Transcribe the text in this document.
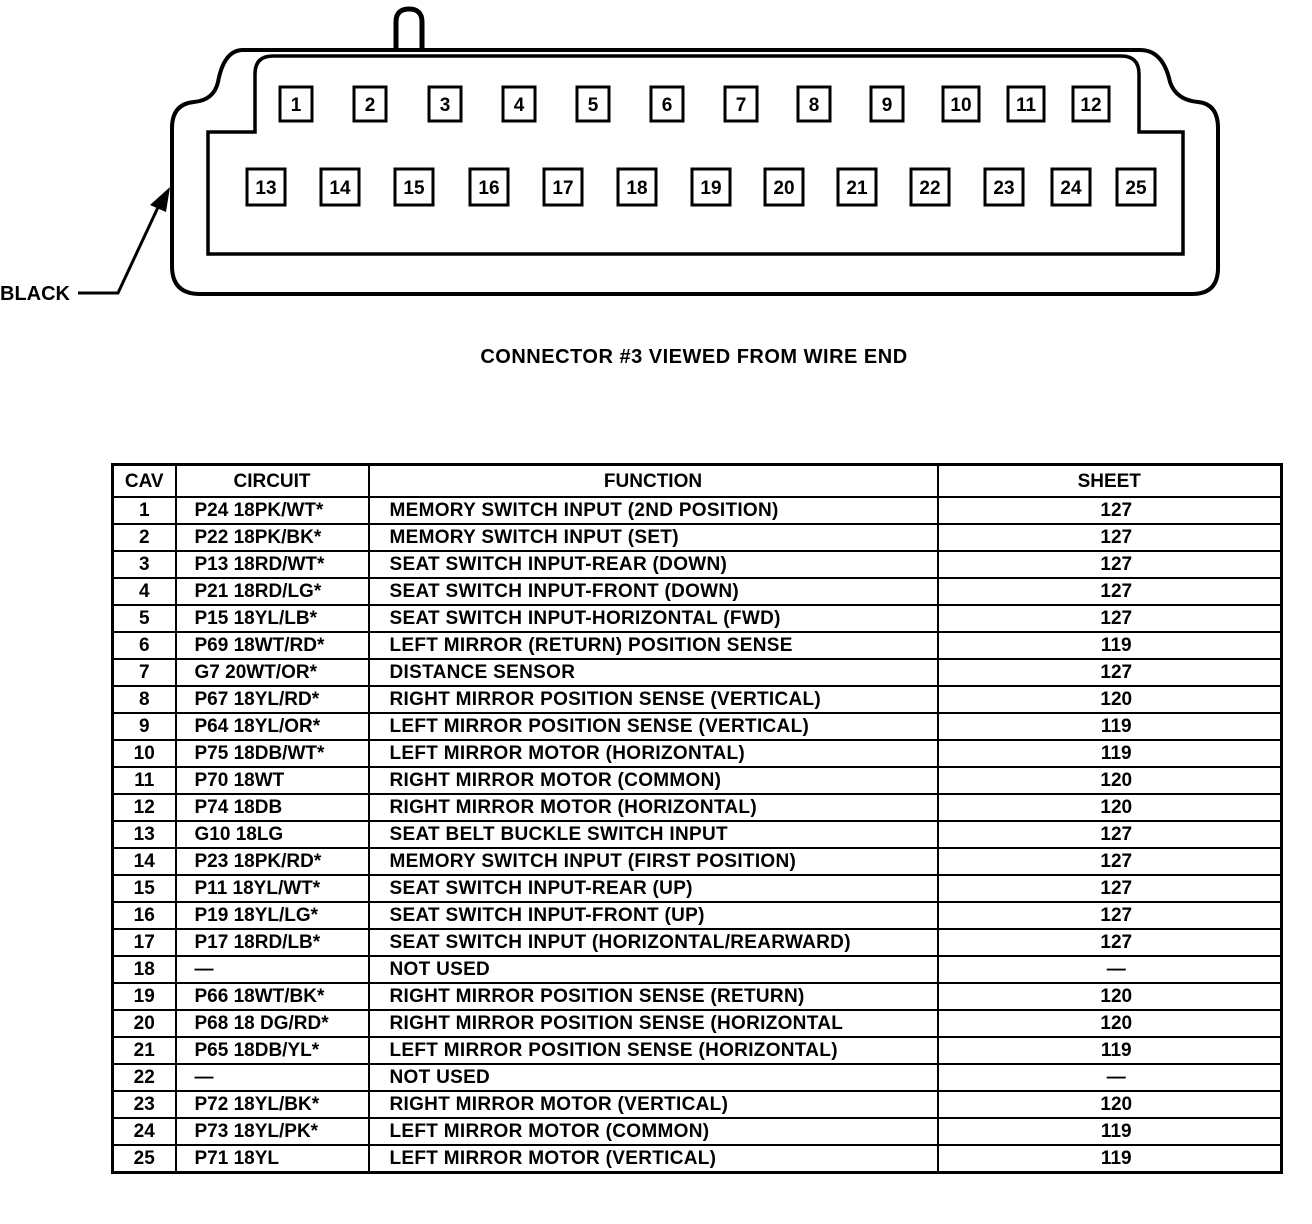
1	2	3	4	5	6	7	8	9	10 11 12
13	14	15	16	17	18	19	20	21	22	23 24 25
BLACK
CONNECTOR #3 VIEWED FROM WIRE END
CAV	CIRCUIT	FUNCTION	SHEET
1	P24 18PK/WT*	MEMORY SWITCH INPUT (2ND POSITION)	127
2	P22 18PK/BK*	MEMORY SWITCH INPUT (SET)	127
3	P13 18RD/WT*	SEAT SWITCH INPUT-REAR (DOWN)	127
4	P21 18RD/LG*	SEAT SWITCH INPUT-FRONT (DOWN)	127
5	P15 18YL/LB*	SEAT SWITCH INPUT-HORIZONTAL (FWD)	127
6	P69 18WT/RD*	LEFT MIRROR (RETURN) POSITION SENSE	119
7	G7 20WT/OR*	DISTANCE SENSOR	127
8	P67 18YL/RD*	RIGHT MIRROR POSITION SENSE (VERTICAL)	120
9	P64 18YL/OR*	LEFT MIRROR POSITION SENSE (VERTICAL)	119
10	P75 18DB/WT*	LEFT MIRROR MOTOR (HORIZONTAL)	119
11	P70 18WT	RIGHT MIRROR MOTOR (COMMON)	120
12	P74 18DB	RIGHT MIRROR MOTOR (HORIZONTAL)	120
13	G10 18LG	SEAT BELT BUCKLE SWITCH INPUT	127
14	P23 18PK/RD*	MEMORY SWITCH INPUT (FIRST POSITION)	127
15	P11 18YL/WT*	SEAT SWITCH INPUT-REAR (UP)	127
16	P19 18YL/LG*	SEAT SWITCH INPUT-FRONT (UP)	127
17	P17 18RD/LB*	SEAT SWITCH INPUT (HORIZONTAL/REARWARD)	127
18	—	NOT USED	—
19	P66 18WT/BK*	RIGHT MIRROR POSITION SENSE (RETURN)	120
20	P68 18 DG/RD*	RIGHT MIRROR POSITION SENSE (HORIZONTAL	120
21	P65 18DB/YL*	LEFT MIRROR POSITION SENSE (HORIZONTAL)	119
22	—	NOT USED	—
23	P72 18YL/BK*	RIGHT MIRROR MOTOR (VERTICAL)	120
24	P73 18YL/PK*	LEFT MIRROR MOTOR (COMMON)	119
25	P71 18YL	LEFT MIRROR MOTOR (VERTICAL)	119
